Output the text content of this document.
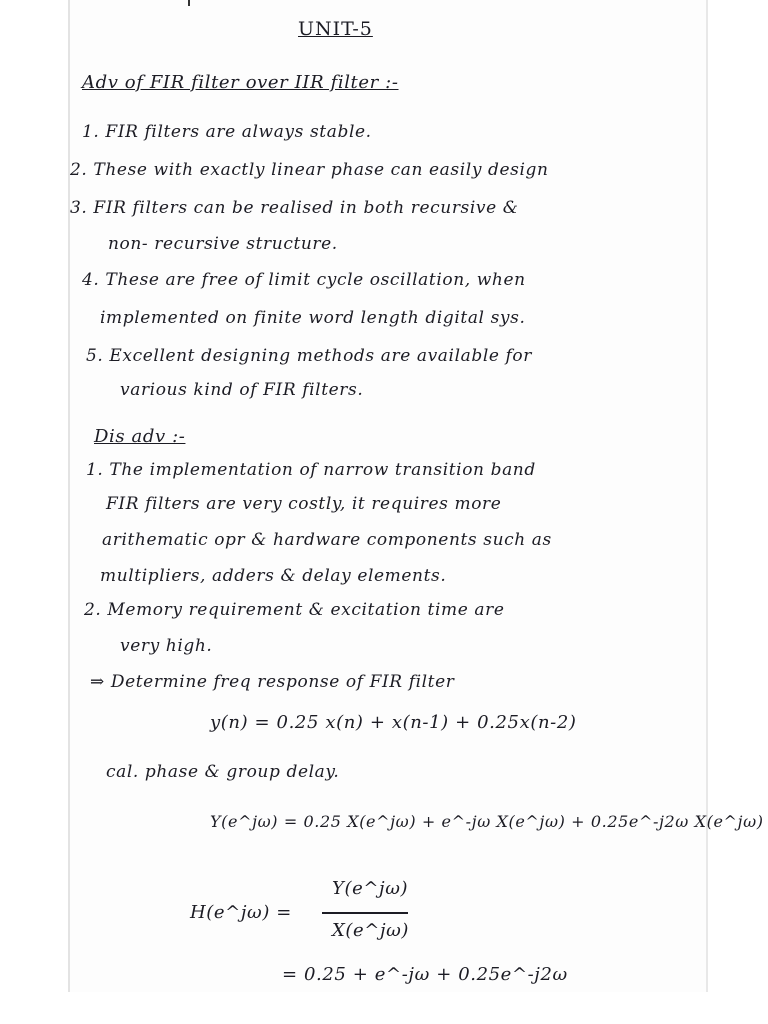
UNIT-5
Adv of FIR filter over IIR filter :-
1. FIR filters are always stable.
2. These with exactly linear phase can easily design
3. FIR filters can be realised in both recursive &
non- recursive structure.
4. These are free of limit cycle oscillation, when
implemented on finite word length digital sys.
5. Excellent designing methods are available for
various kind of FIR filters.
Dis adv :-
1. The implementation of narrow transition band
FIR filters are very costly, it requires more
arithematic opr & hardware components such as
multipliers, adders & delay elements.
2. Memory requirement & excitation time are
very high.
⇒ Determine freq response of FIR filter
y(n) = 0.25 x(n) + x(n-1) + 0.25x(n-2)
cal. phase & group delay.
Y(e^jω) = 0.25 X(e^jω) + e^-jω X(e^jω) + 0.25e^-j2ω X(e^jω)
H(e^jω) =
Y(e^jω)
X(e^jω)
= 0.25 + e^-jω + 0.25e^-j2ω
